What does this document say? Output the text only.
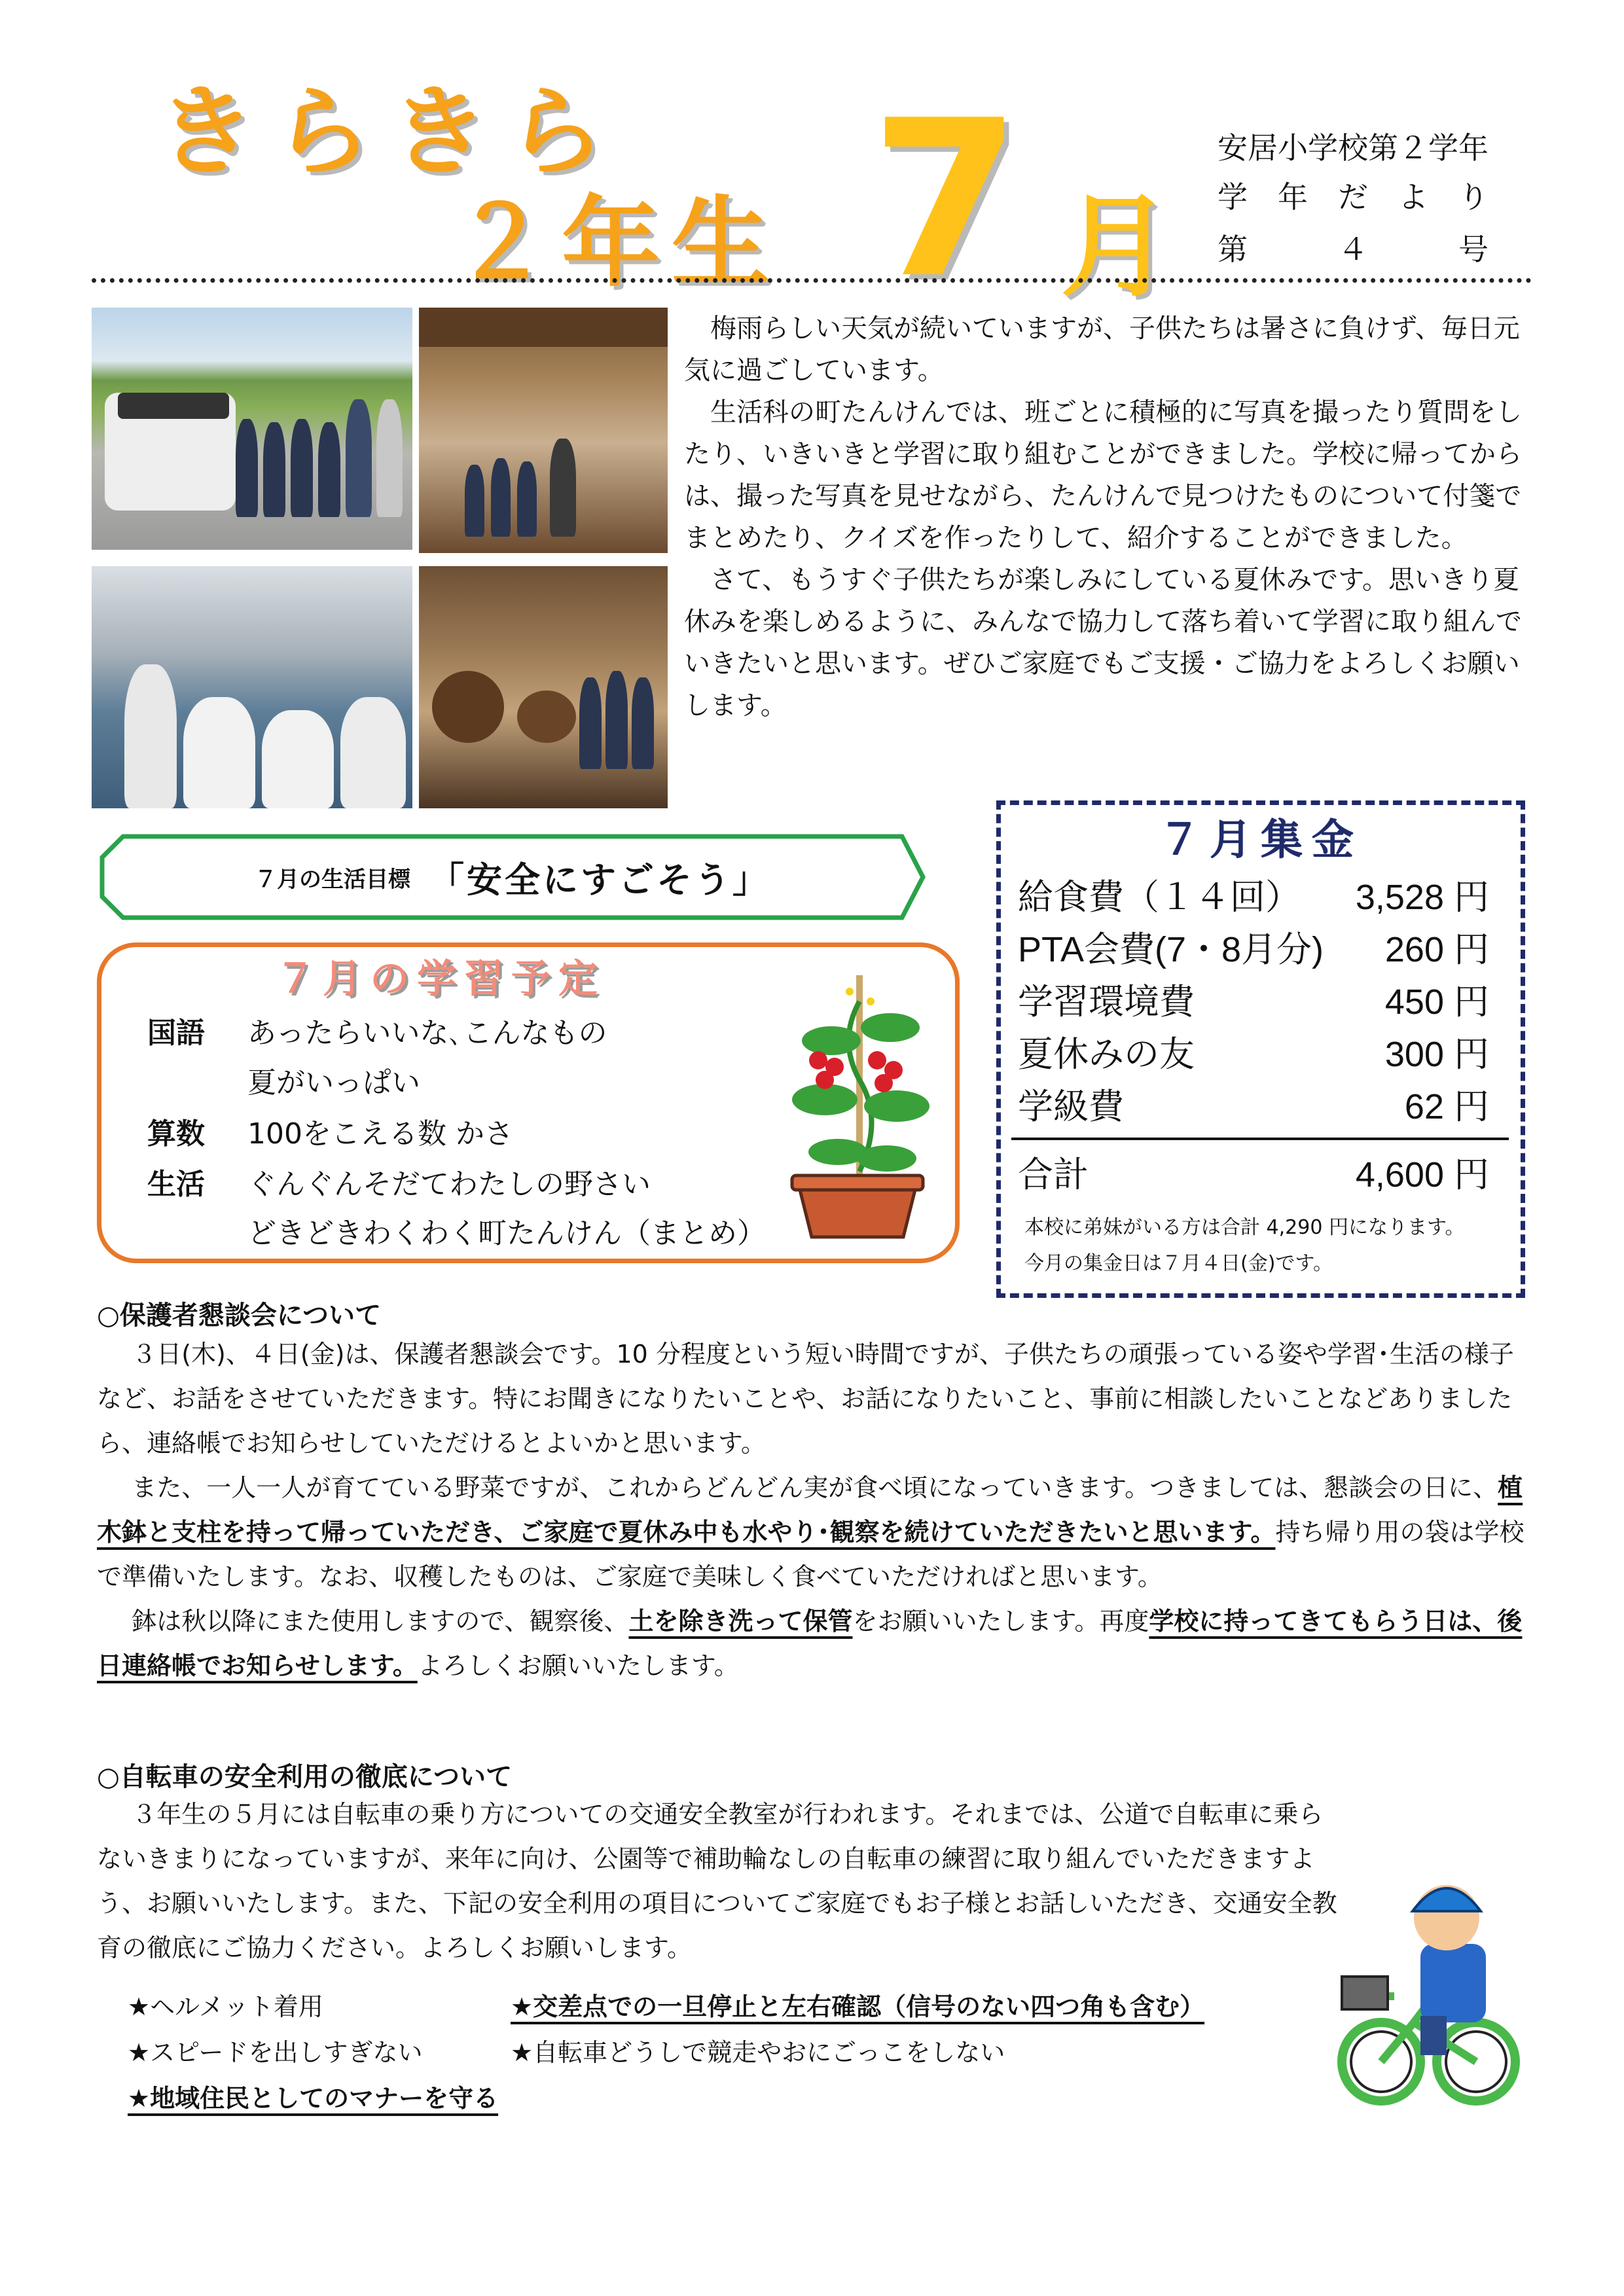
きらきら
２年生 7 月
安居小学校第２学年
学　年　だ　よ　り
第　　　４　　　号

梅雨らしい天気が続いていますが、子供たちは暑さに負けず、毎日元気に過ごしています。

生活科の町たんけんでは、班ごとに積極的に写真を撮ったり質問をしたり、いきいきと学習に取り組むことができました。学校に帰ってからは、撮った写真を見せながら、たんけんで見つけたものについて付箋でまとめたり、クイズを作ったりして、紹介することができました。

さて、もうすぐ子供たちが楽しみにしている夏休みです。思いきり夏休みを楽しめるように、みんなで協力して落ち着いて学習に取り組んでいきたいと思います。ぜひご家庭でもご支援・ご協力をよろしくお願いします。

７月の生活目標 「安全にすごそう」
７月の学習予定
国語 あったらいいな､こんなもの
夏がいっぱい
算数 100をこえる数 かさ
生活 ぐんぐんそだてわたしの野さい
どきどきわくわく町たんけん（まとめ）
７月集金
給食費（１４回） 3,528 円
PTA会費(7・8月分) 260 円
学習環境費	450 円
夏休みの友	300 円
学級費	62 円
合計	4,600 円
本校に弟妹がいる方は合計 4,290 円になります。
今月の集金日は７月４日(金)です。
○保護者懇談会について

３日(木)、４日(金)は、保護者懇談会です。10 分程度という短い時間ですが、子供たちの頑張っている姿や学習･生活の様子など、お話をさせていただきます。特にお聞きになりたいことや、お話になりたいこと、事前に相談したいことなどありましたら、連絡帳でお知らせしていただけるとよいかと思います。

また、一人一人が育てている野菜ですが、これからどんどん実が食べ頃になっていきます。つきましては、懇談会の日に、植木鉢と支柱を持って帰っていただき、ご家庭で夏休み中も水やり･観察を続けていただきたいと思います。持ち帰り用の袋は学校で準備いたします。なお、収穫したものは、ご家庭で美味しく食べていただければと思います。

鉢は秋以降にまた使用しますので、観察後、土を除き洗って保管をお願いいたします。再度学校に持ってきてもらう日は、後日連絡帳でお知らせします。よろしくお願いいたします。

○自転車の安全利用の徹底について

３年生の５月には自転車の乗り方についての交通安全教室が行われます。それまでは、公道で自転車に乗らないきまりになっていますが、来年に向け、公園等で補助輪なしの自転車の練習に取り組んでいただきますよう、お願いいたします。また、下記の安全利用の項目についてご家庭でもお子様とお話しいただき、交通安全教育の徹底にご協力ください。よろしくお願いします。

★ヘルメット着用	★交差点での一旦停止と左右確認（信号のない四つ角も含む）
★スピードを出しすぎない	★自転車どうしで競走やおにごっこをしない
★地域住民としてのマナーを守る
